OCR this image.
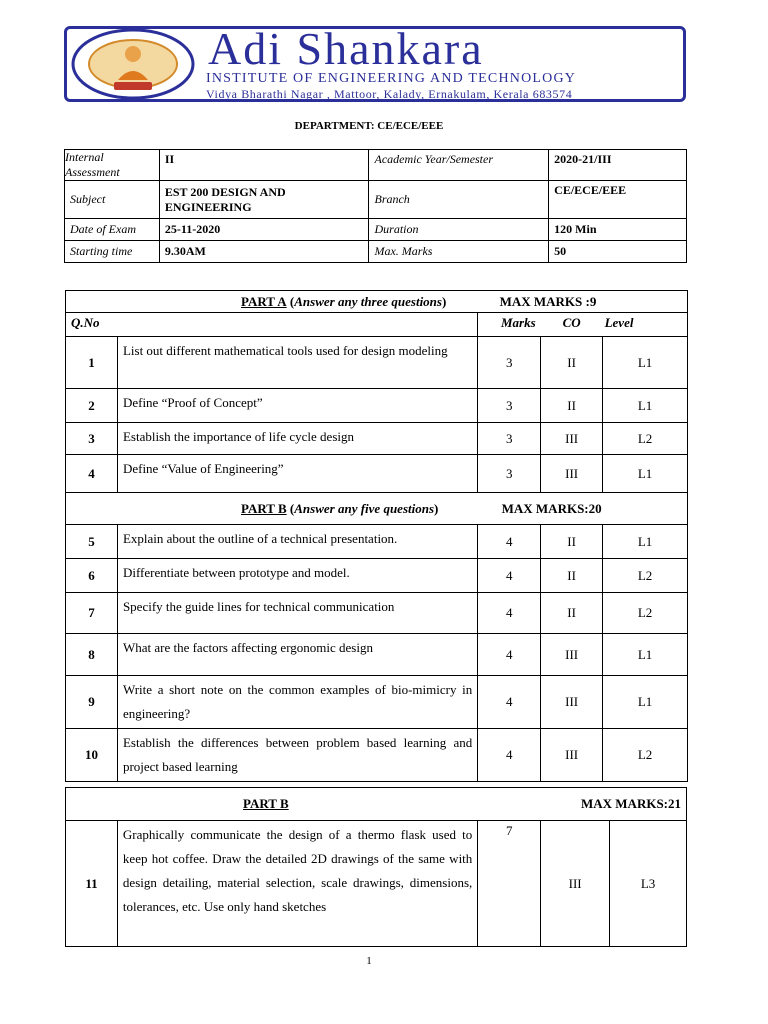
Adi Shankara
INSTITUTE OF ENGINEERING AND TECHNOLOGY
Vidya Bharathi Nagar , Mattoor, Kalady, Ernakulam, Kerala 683574
DEPARTMENT: CE/ECE/EEE
Internal Assessment	II	Academic Year/Semester	2020-21/III
Subject	EST 200 DESIGN AND ENGINEERING	Branch	CE/ECE/EEE
Date of Exam	25-11-2020	Duration	120 Min
Starting time	9.30AM	Max. Marks	50
PART A (Answer any three questions) MAX MARKS :9				
Q.No		Marks	CO	Level
1	List out different mathematical tools used for design modeling	3	II	L1
2	Define “Proof of Concept”	3	II	L1
3	Establish the importance of life cycle design	3	III	L2
4	Define “Value of Engineering”	3	III	L1
PART B (Answer any five questions) MAX MARKS:20				
5	Explain about the outline of a technical presentation.	4	II	L1
6	Differentiate between prototype and model.	4	II	L2
7	Specify the guide lines for technical communication	4	II	L2
8	What are the factors affecting ergonomic design	4	III	L1
9	Write a short note on the common examples of bio-mimicry in engineering?	4	III	L1
10	Establish the differences between problem based learning and project based learning	4	III	L2
PART B	MAX MARKS:21

11	Graphically communicate the design of a thermo flask used to keep hot coffee. Draw the detailed 2D drawings of the same with design detailing, material selection, scale drawings, dimensions, tolerances, etc. Use only hand sketches	7	III	L3
1
